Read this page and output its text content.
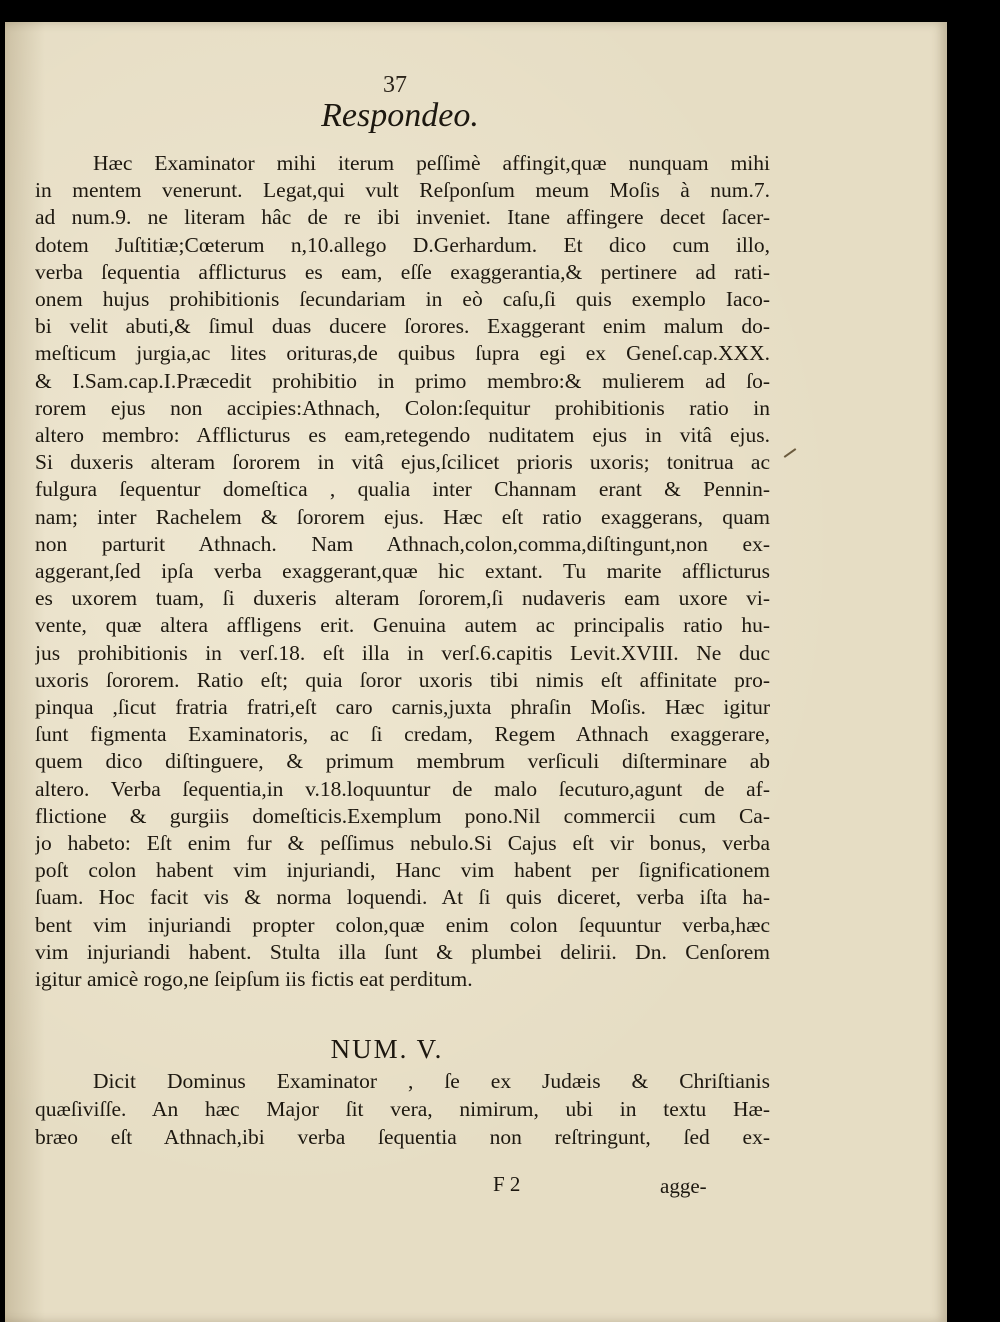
37
Respondeo.
Hæc Examinator mihi iterum peſſimè affingit,quæ nunquam mihi
in mentem venerunt. Legat,qui vult Reſponſum meum Moſis à num.7.
ad num.9. ne literam hâc de re ibi inveniet. Itane affingere decet ſacer-
dotem Juſtitiæ;Cœterum n,10.allego D.Gerhardum. Et dico cum illo,
verba ſequentia afflicturus es eam, eſſe exaggerantia,& pertinere ad rati-
onem hujus prohibitionis ſecundariam in eò caſu,ſi quis exemplo Iaco-
bi velit abuti,& ſimul duas ducere ſorores. Exaggerant enim malum do-
meſticum jurgia,ac lites orituras,de quibus ſupra egi ex Geneſ.cap.XXX.
& I.Sam.cap.I.Præcedit prohibitio in primo membro:& mulierem ad ſo-
rorem ejus non accipies:Athnach, Colon:ſequitur prohibitionis ratio in
altero membro: Afflicturus es eam,retegendo nuditatem ejus in vitâ ejus.
Si duxeris alteram ſororem in vitâ ejus,ſcilicet prioris uxoris; tonitrua ac
fulgura ſequentur domeſtica , qualia inter Channam erant & Pennin-
nam; inter Rachelem & ſororem ejus. Hæc eſt ratio exaggerans, quam
non parturit Athnach. Nam Athnach,colon,comma,diſtingunt,non ex-
aggerant,ſed ipſa verba exaggerant,quæ hic extant. Tu marite afflicturus
es uxorem tuam, ſi duxeris alteram ſororem,ſi nudaveris eam uxore vi-
vente, quæ altera affligens erit. Genuina autem ac principalis ratio hu-
jus prohibitionis in verſ.18. eſt illa in verſ.6.capitis Levit.XVIII. Ne duc
uxoris ſororem. Ratio eſt; quia ſoror uxoris tibi nimis eſt affinitate pro-
pinqua ,ſicut fratria fratri,eſt caro carnis,juxta phraſin Moſis. Hæc igitur
ſunt figmenta Examinatoris, ac ſi credam, Regem Athnach exaggerare,
quem dico diſtinguere, & primum membrum verſiculi diſterminare ab
altero. Verba ſequentia,in v.18.loquuntur de malo ſecuturo,agunt de af-
flictione & gurgiis domeſticis.Exemplum pono.Nil commercii cum Ca-
jo habeto: Eſt enim fur & peſſimus nebulo.Si Cajus eſt vir bonus, verba
poſt colon habent vim injuriandi, Hanc vim habent per ſignificationem
ſuam. Hoc facit vis & norma loquendi. At ſi quis diceret, verba iſta ha-
bent vim injuriandi propter colon,quæ enim colon ſequuntur verba,hæc
vim injuriandi habent. Stulta illa ſunt & plumbei delirii. Dn. Cenſorem
igitur amicè rogo,ne ſeipſum iis fictis eat perditum.
NUM. V.
Dicit Dominus Examinator , ſe ex Judæis & Chriſtianis
quæſiviſſe. An hæc Major ſit vera, nimirum, ubi in textu Hæ-
bræo eſt Athnach,ibi verba ſequentia non reſtringunt, ſed ex-
F 2	agge-
